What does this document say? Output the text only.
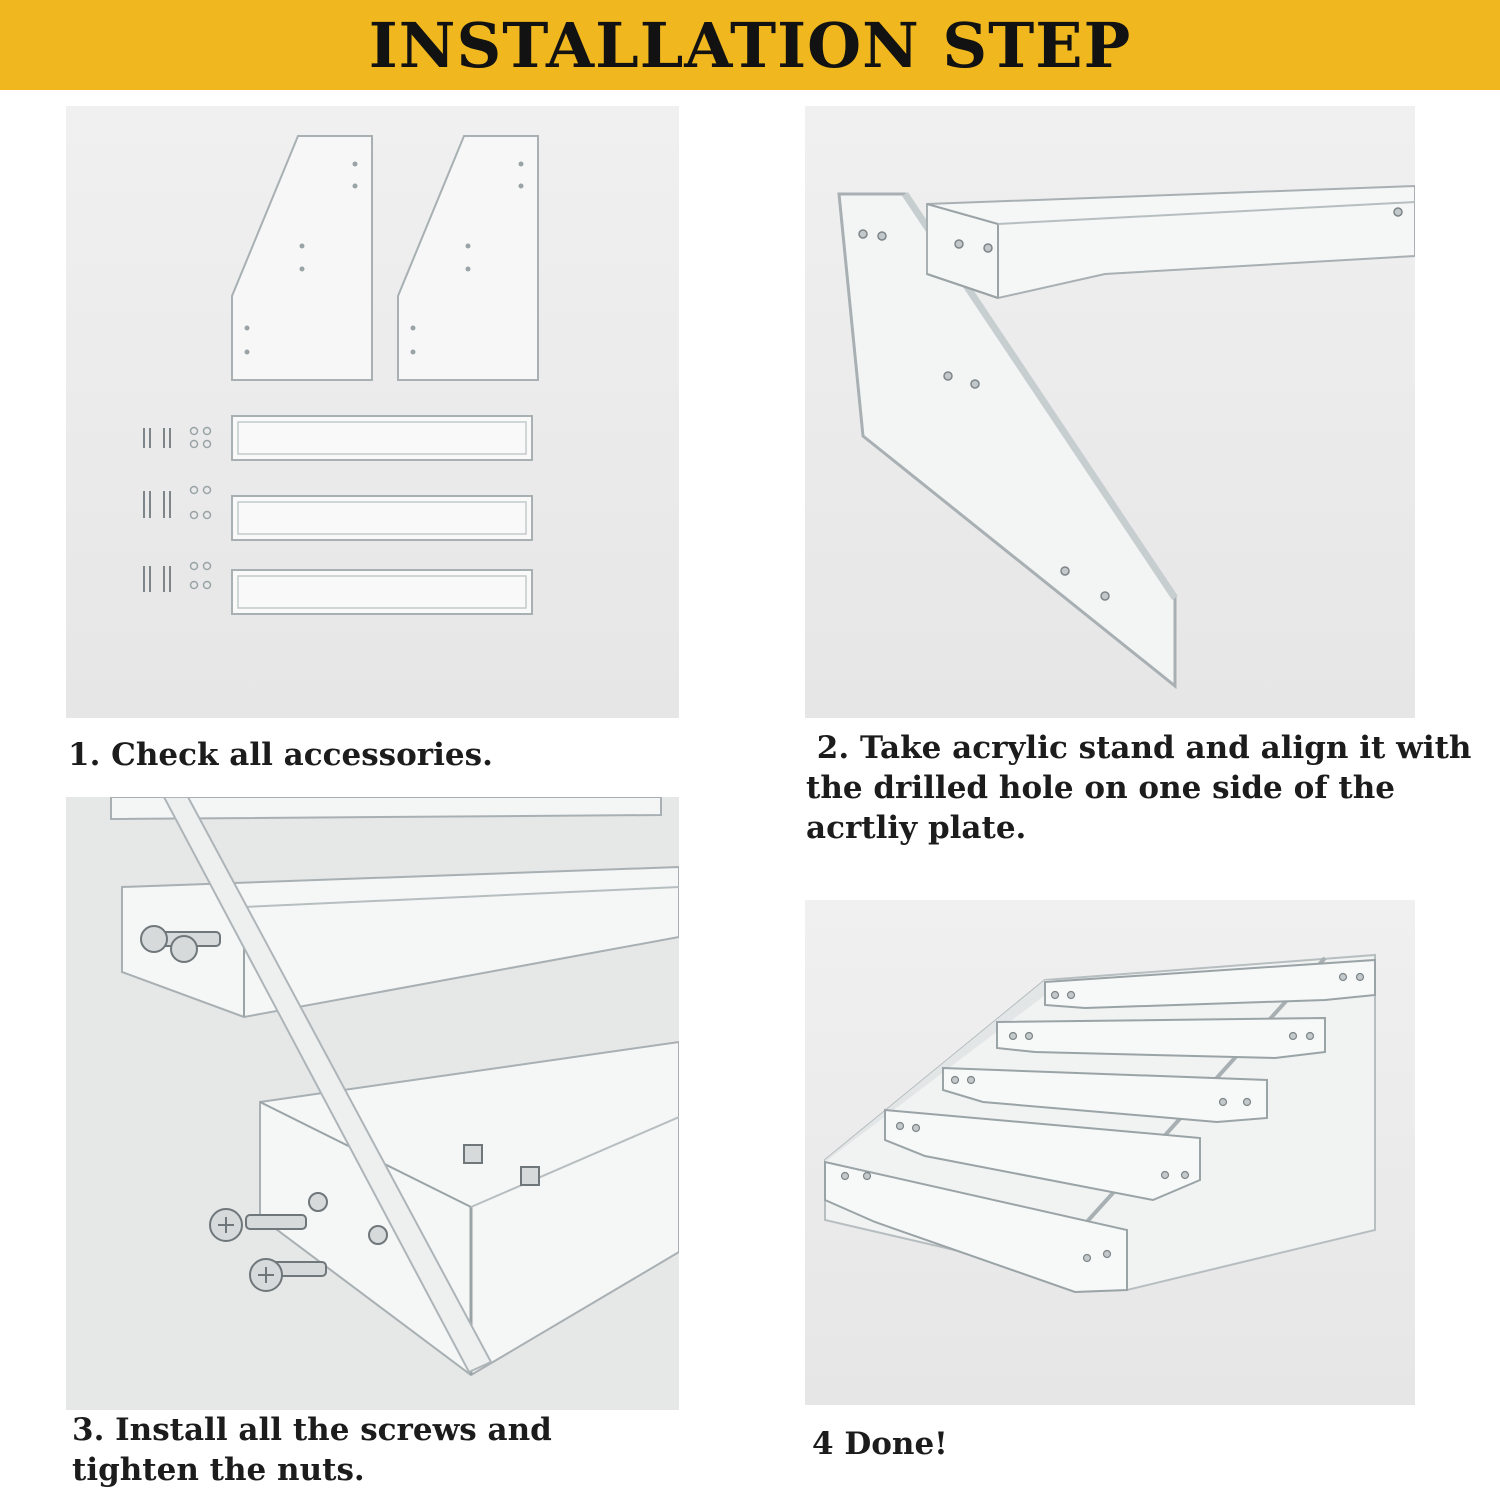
INSTALLATION STEP
1. Check all accessories.	2. Take acrylic stand and align it with
the drilled hole on one side of the
acrtliy plate.
3. Install all the screws and
tighten the nuts.
4 Done!
